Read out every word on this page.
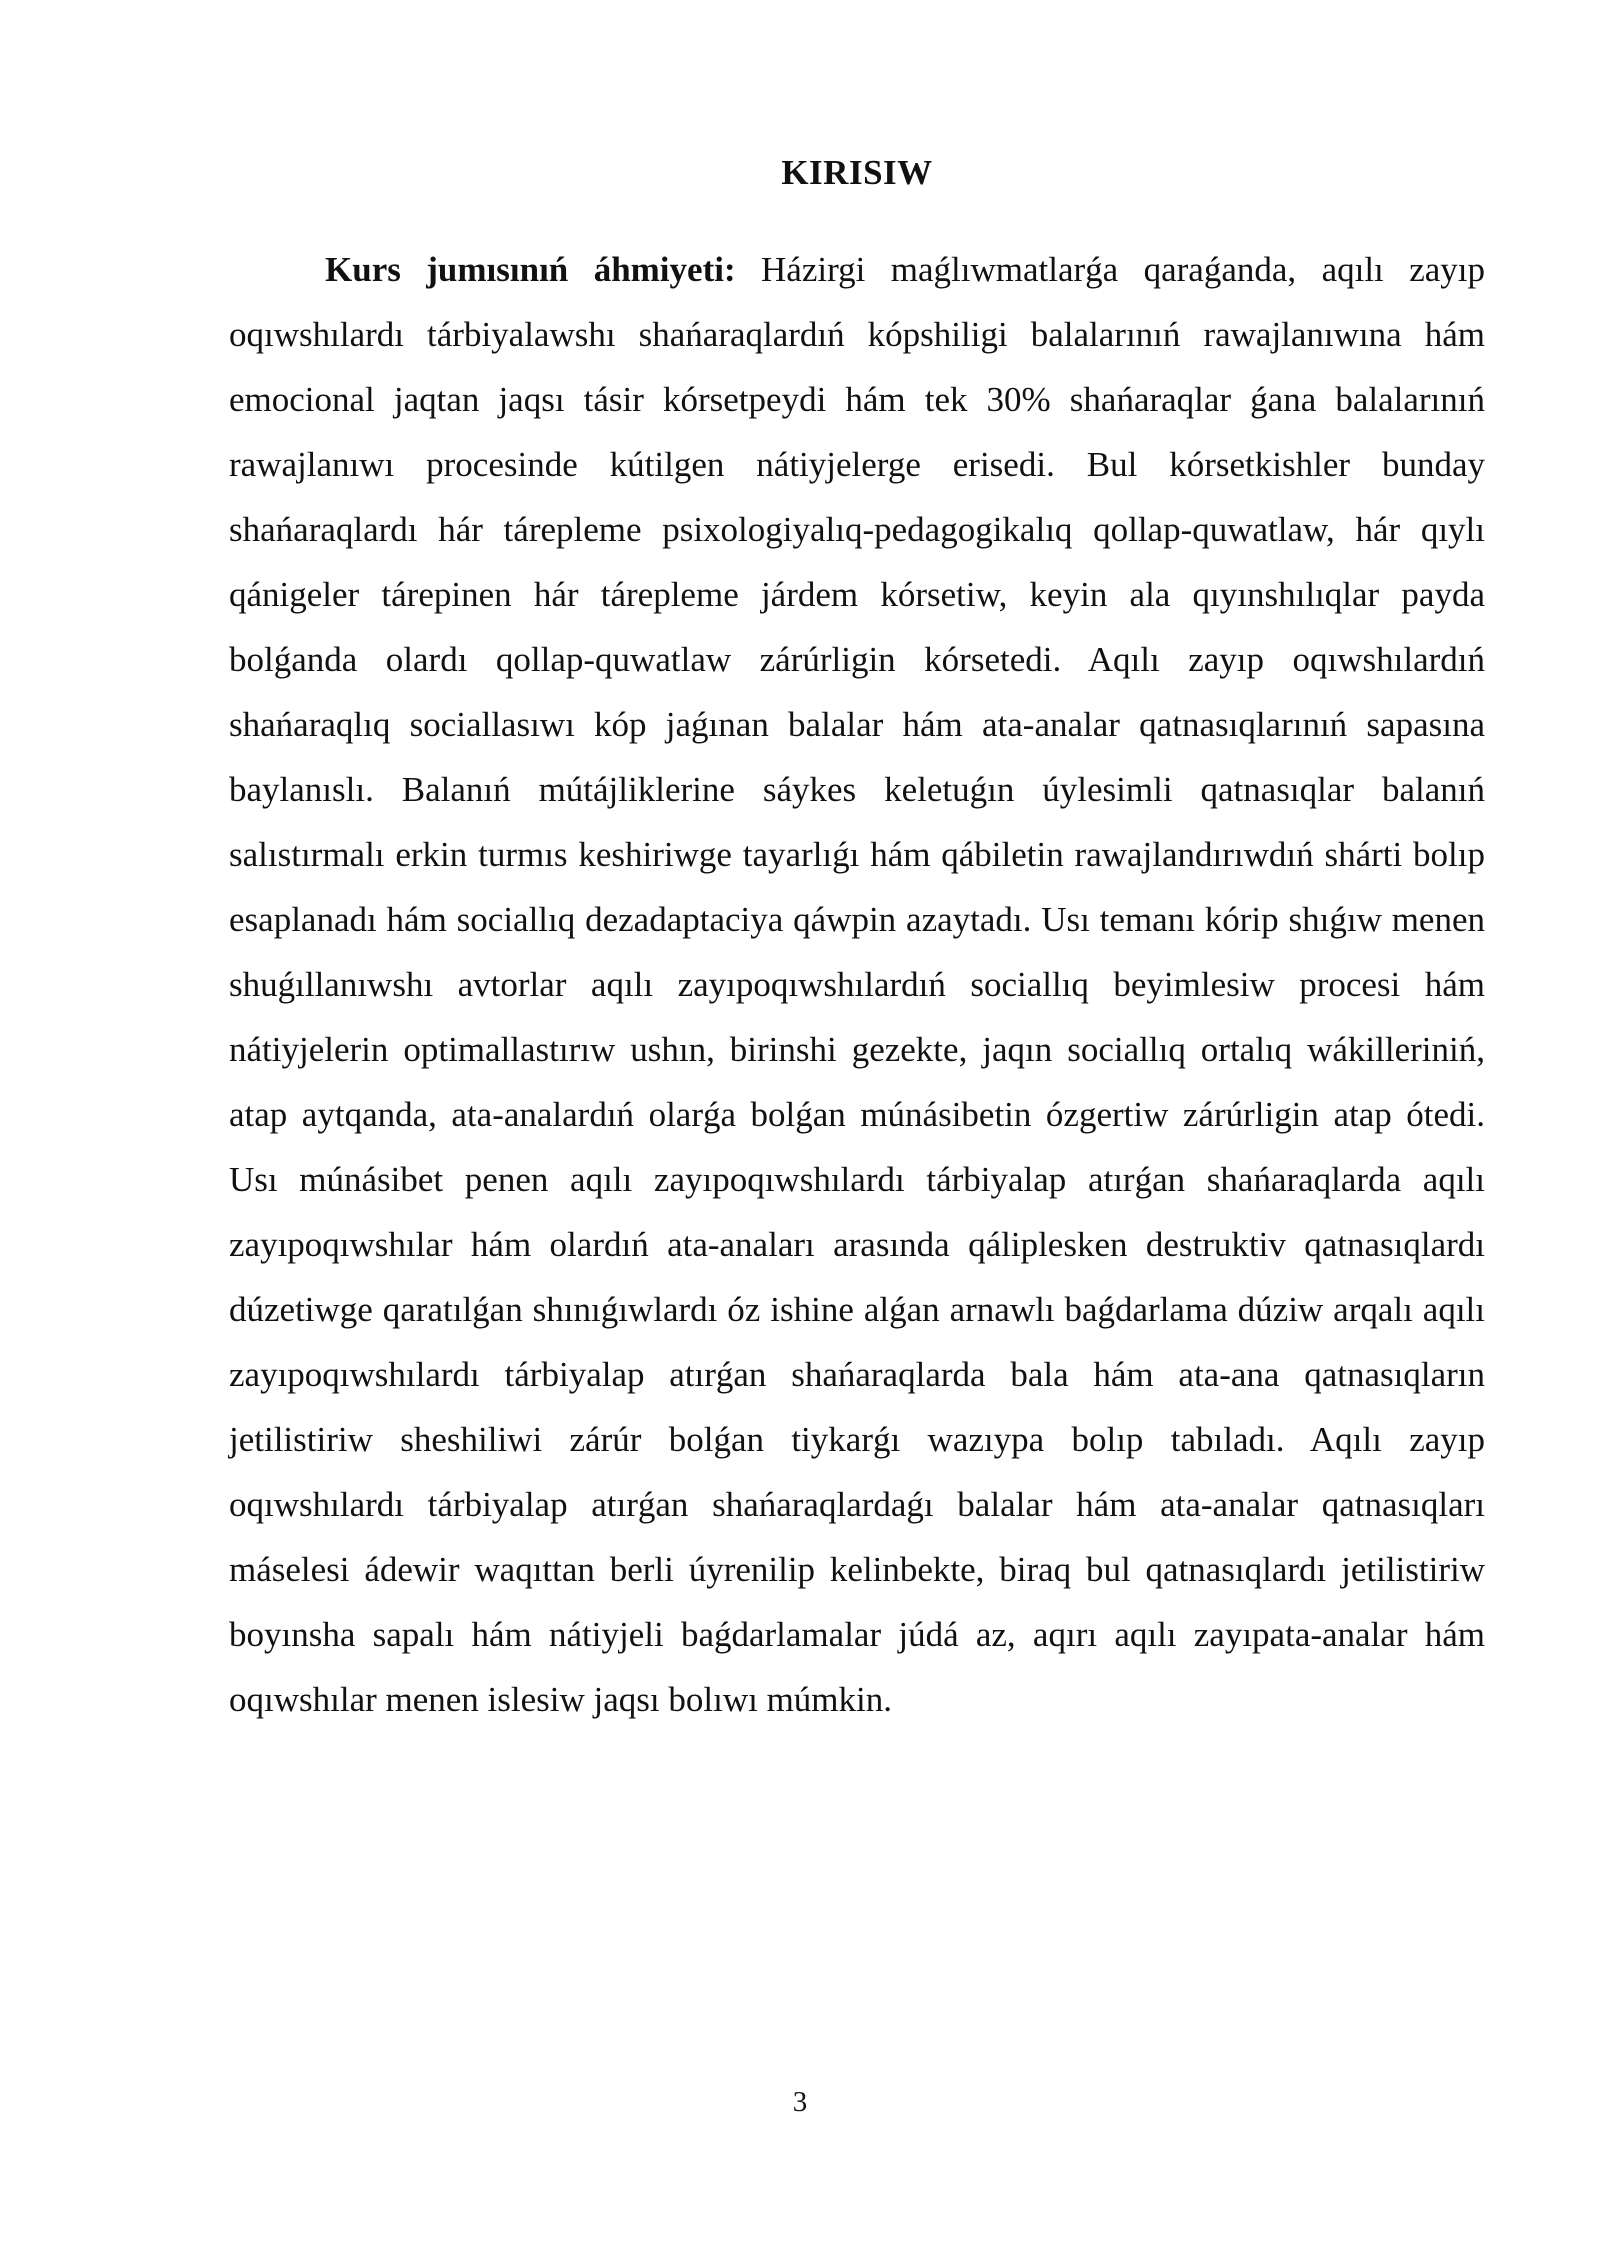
KIRISIW

Kurs jumısınıń áhmiyeti: Házirgi maǵlıwmatlarǵa qaraǵanda, aqılı zayıp oqıwshılardı tárbiyalawshı shańaraqlardıń kópshiligi balalarınıń rawajlanıwına hám emocional jaqtan jaqsı tásir kórsetpeydi hám tek 30% shańaraqlar ǵana balalarınıń rawajlanıwı procesinde kútilgen nátiyjelerge erisedi. Bul kórsetkishler bunday shańaraqlardı hár tárepleme psixologiyalıq-pedagogikalıq qollap-quwatlaw, hár qıylı qánigeler tárepinen hár tárepleme járdem kórsetiw, keyin ala qıyınshılıqlar payda bolǵanda olardı qollap-quwatlaw zárúrligin kórsetedi. Aqılı zayıp oqıwshılardıń shańaraqlıq sociallasıwı kóp jaǵınan balalar hám ata-analar qatnasıqlarınıń sapasına baylanıslı. Balanıń mútájliklerine sáykes keletuǵın úylesimli qatnasıqlar balanıń salıstırmalı erkin turmıs keshiriwge tayarlıǵı hám qábiletin rawajlandırıwdıń shárti bolıp esaplanadı hám sociallıq dezadaptaciya qáwpin azaytadı. Usı temanı kórip shıǵıw menen shuǵıllanıwshı avtorlar aqılı zayıpoqıwshılardıń sociallıq beyimlesiw procesi hám nátiyjelerin optimallastırıw ushın, birinshi gezekte, jaqın sociallıq ortalıq wákilleriniń, atap aytqanda, ata-analardıń olarǵa bolǵan múnásibetin ózgertiw zárúrligin atap ótedi. Usı múnásibet penen aqılı zayıpoqıwshılardı tárbiyalap atırǵan shańaraqlarda aqılı zayıpoqıwshılar hám olardıń ata-anaları arasında qáliplesken destruktiv qatnasıqlardı dúzetiwge qaratılǵan shınıǵıwlardı óz ishine alǵan arnawlı baǵdarlama dúziw arqalı aqılı zayıpoqıwshılardı tárbiyalap atırǵan shańaraqlarda bala hám ata-ana qatnasıqların jetilistiriw sheshiliwi zárúr bolǵan tiykarǵı wazıypa bolıp tabıladı. Aqılı zayıp oqıwshılardı tárbiyalap atırǵan shańaraqlardaǵı balalar hám ata-analar qatnasıqları máselesi ádewir waqıttan berli úyrenilip kelinbekte, biraq bul qatnasıqlardı jetilistiriw boyınsha sapalı hám nátiyjeli baǵdarlamalar júdá az, aqırı aqılı zayıpata-analar hám oqıwshılar menen islesiw jaqsı bolıwı múmkin.

3
